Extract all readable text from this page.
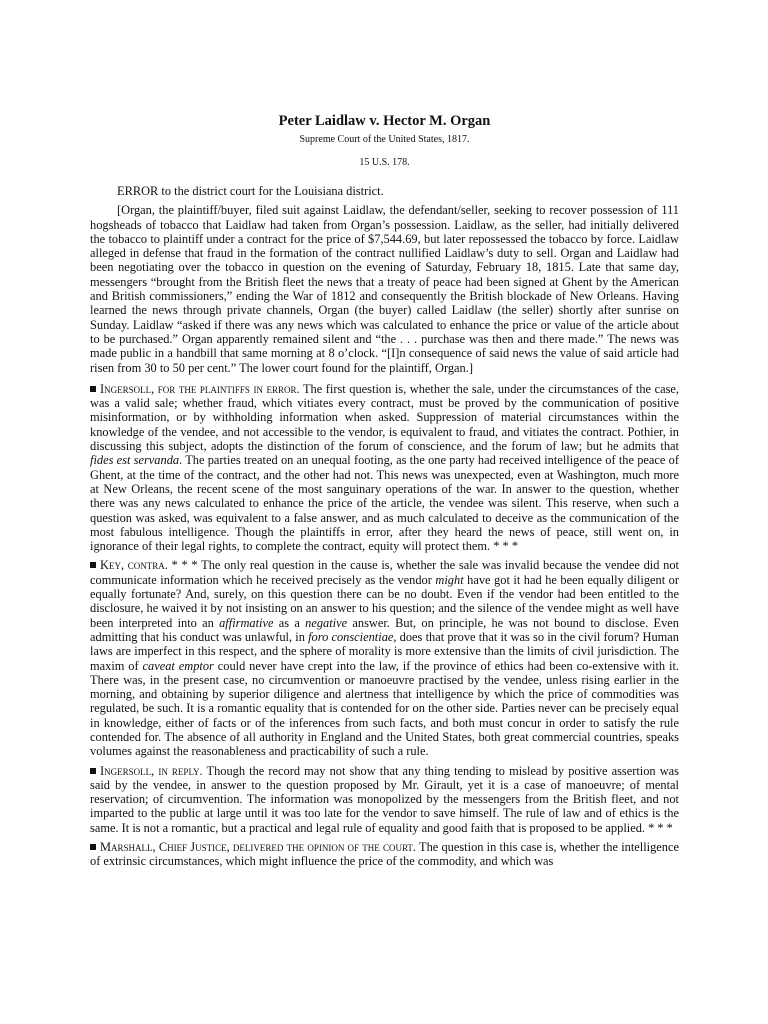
Peter Laidlaw v. Hector M. Organ
Supreme Court of the United States, 1817.
15 U.S. 178.

ERROR to the district court for the Louisiana district.

[Organ, the plaintiff/buyer, filed suit against Laidlaw, the defendant/seller, seeking to recover possession of 111 hogsheads of tobacco that Laidlaw had taken from Organ’s possession. Laidlaw, as the seller, had initially delivered the tobacco to plaintiff under a contract for the price of $7,544.69, but later repossessed the tobacco by force. Laidlaw alleged in defense that fraud in the formation of the contract nullified Laidlaw’s duty to sell. Organ and Laidlaw had been negotiating over the tobacco in question on the evening of Saturday, February 18, 1815. Late that same day, messengers “brought from the British fleet the news that a treaty of peace had been signed at Ghent by the American and British commissioners,” ending the War of 1812 and consequently the British blockade of New Orleans. Having learned the news through private channels, Organ (the buyer) called Laidlaw (the seller) shortly after sunrise on Sunday. Laidlaw “asked if there was any news which was calculated to enhance the price or value of the article about to be purchased.” Organ apparently remained silent and “the . . . purchase was then and there made.” The news was made public in a handbill that same morning at 8 o’clock. “[I]n consequence of said news the value of said article had risen from 30 to 50 per cent.” The lower court found for the plaintiff, Organ.]

Ingersoll, for the plaintiffs in error. The first question is, whether the sale, under the circumstances of the case, was a valid sale; whether fraud, which vitiates every contract, must be proved by the communication of positive misinformation, or by withholding information when asked. Suppression of material circumstances within the knowledge of the vendee, and not accessible to the vendor, is equivalent to fraud, and vitiates the contract. Pothier, in discussing this subject, adopts the distinction of the forum of conscience, and the forum of law; but he admits that fides est servanda. The parties treated on an unequal footing, as the one party had received intelligence of the peace of Ghent, at the time of the contract, and the other had not. This news was unexpected, even at Washington, much more at New Orleans, the recent scene of the most sanguinary operations of the war. In answer to the question, whether there was any news calculated to enhance the price of the article, the vendee was silent. This reserve, when such a question was asked, was equivalent to a false answer, and as much calculated to deceive as the communication of the most fabulous intelligence. Though the plaintiffs in error, after they heard the news of peace, still went on, in ignorance of their legal rights, to complete the contract, equity will protect them. * * *

Key, contra. * * * The only real question in the cause is, whether the sale was invalid because the vendee did not communicate information which he received precisely as the vendor might have got it had he been equally diligent or equally fortunate? And, surely, on this question there can be no doubt. Even if the vendor had been entitled to the disclosure, he waived it by not insisting on an answer to his question; and the silence of the vendee might as well have been interpreted into an affirmative as a negative answer. But, on principle, he was not bound to disclose. Even admitting that his conduct was unlawful, in foro conscientiae, does that prove that it was so in the civil forum? Human laws are imperfect in this respect, and the sphere of morality is more extensive than the limits of civil jurisdiction. The maxim of caveat emptor could never have crept into the law, if the province of ethics had been co-extensive with it. There was, in the present case, no circumvention or manoeuvre practised by the vendee, unless rising earlier in the morning, and obtaining by superior diligence and alertness that intelligence by which the price of commodities was regulated, be such. It is a romantic equality that is contended for on the other side. Parties never can be precisely equal in knowledge, either of facts or of the inferences from such facts, and both must concur in order to satisfy the rule contended for. The absence of all authority in England and the United States, both great commercial countries, speaks volumes against the reasonableness and practicability of such a rule.

Ingersoll, in reply. Though the record may not show that any thing tending to mislead by positive assertion was said by the vendee, in answer to the question proposed by Mr. Girault, yet it is a case of manoeuvre; of mental reservation; of circumvention. The information was monopolized by the messengers from the British fleet, and not imparted to the public at large until it was too late for the vendor to save himself. The rule of law and of ethics is the same. It is not a romantic, but a practical and legal rule of equality and good faith that is proposed to be applied. * * *

Marshall, Chief Justice, delivered the opinion of the court. The question in this case is, whether the intelligence of extrinsic circumstances, which might influence the price of the commodity, and which was
